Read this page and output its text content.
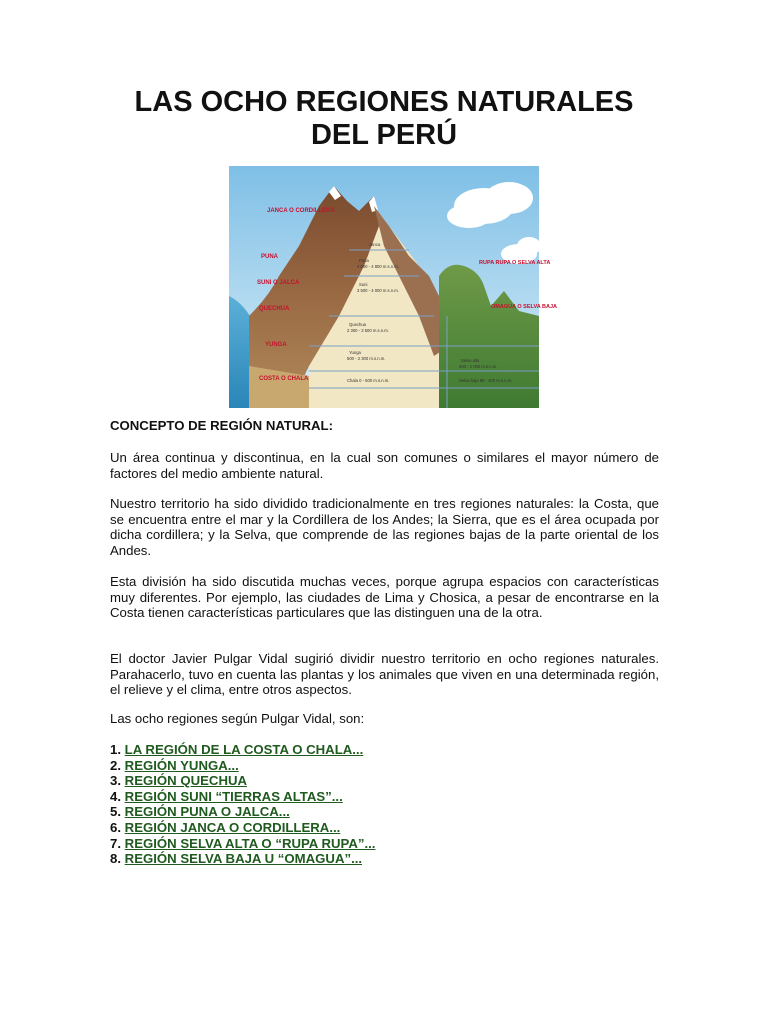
LAS OCHO REGIONES NATURALES
DEL PERÚ
JANCA O CORDILLERA
PUNA
SUNI O JALCA
QUECHUA
YUNGA
COSTA O CHALA
RUPA RUPA O SELVA ALTA
OMAGUA O SELVA BAJA
Janca
Puna
4 000 - 4 800 m.s.n.m.
Suni
3 500 - 4 000 m.s.n.m.
Quechua
2 300 - 3 500 m.s.n.m.
Yunga
500 - 2 300 m.s.n.m.
Chala 0 - 500 m.s.n.m.
Selva alta
400 - 1 000 m.s.n.m.
Selva baja 80 - 400 m.s.n.m.

CONCEPTO DE REGIÓN NATURAL:

Un área continua y discontinua, en la cual son comunes o similares el mayor número de factores del medio ambiente natural.

Nuestro territorio ha sido dividido tradicionalmente en tres regiones naturales: la Costa, que se encuentra entre el mar y la Cordillera de los Andes; la Sierra, que es el área ocupada por dicha cordillera; y la Selva, que comprende de las regiones bajas de la parte oriental de los Andes.

Esta división ha sido discutida muchas veces, porque agrupa espacios con características muy diferentes. Por ejemplo, las ciudades de Lima y Chosica, a pesar de encontrarse en la Costa tienen características particulares que las distinguen una de la otra.

El doctor Javier Pulgar Vidal sugirió dividir nuestro territorio en ocho regiones naturales. Parahacerlo, tuvo en cuenta las plantas y los animales que viven en una determinada región, el relieve y el clima, entre otros aspectos.

Las ocho regiones según Pulgar Vidal, son:

1. LA REGIÓN DE LA COSTA O CHALA...
2. REGIÓN YUNGA...
3. REGIÓN QUECHUA
4. REGIÓN SUNI “TIERRAS ALTAS”...
5. REGIÓN PUNA O JALCA...
6. REGIÓN JANCA O CORDILLERA...
7. REGIÓN SELVA ALTA O “RUPA RUPA”...
8. REGIÓN SELVA BAJA U “OMAGUA”...
